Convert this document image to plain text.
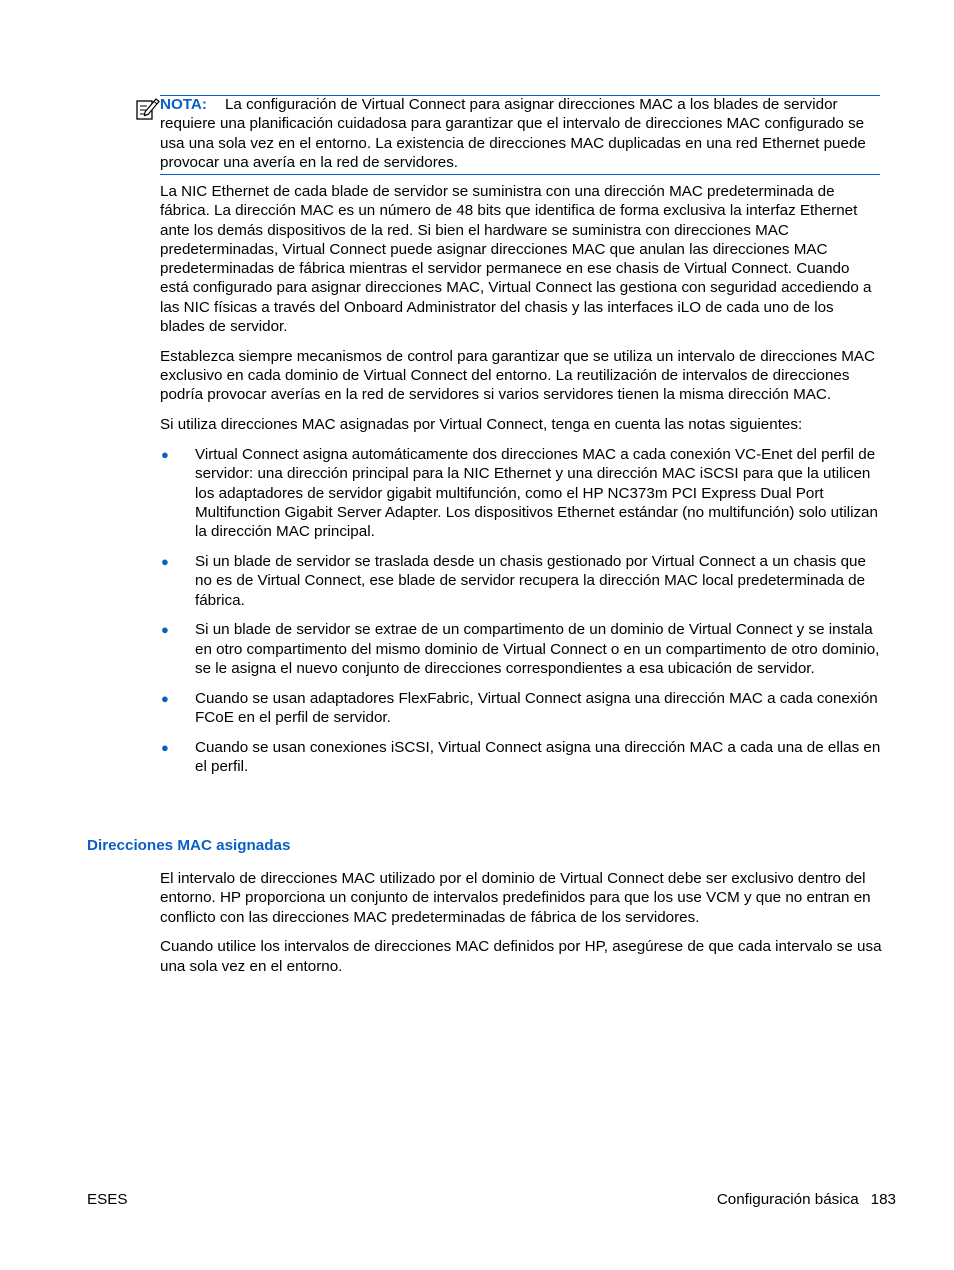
NOTA: La configuración de Virtual Connect para asignar direcciones MAC a los blades de servidor requiere una planificación cuidadosa para garantizar que el intervalo de direcciones MAC configurado se usa una sola vez en el entorno. La existencia de direcciones MAC duplicadas en una red Ethernet puede provocar una avería en la red de servidores.

La NIC Ethernet de cada blade de servidor se suministra con una dirección MAC predeterminada de fábrica. La dirección MAC es un número de 48 bits que identifica de forma exclusiva la interfaz Ethernet ante los demás dispositivos de la red. Si bien el hardware se suministra con direcciones MAC predeterminadas, Virtual Connect puede asignar direcciones MAC que anulan las direcciones MAC predeterminadas de fábrica mientras el servidor permanece en ese chasis de Virtual Connect. Cuando está configurado para asignar direcciones MAC, Virtual Connect las gestiona con seguridad accediendo a las NIC físicas a través del Onboard Administrator del chasis y las interfaces iLO de cada uno de los blades de servidor.

Establezca siempre mecanismos de control para garantizar que se utiliza un intervalo de direcciones MAC exclusivo en cada dominio de Virtual Connect del entorno. La reutilización de intervalos de direcciones podría provocar averías en la red de servidores si varios servidores tienen la misma dirección MAC.

Si utiliza direcciones MAC asignadas por Virtual Connect, tenga en cuenta las notas siguientes:

● Virtual Connect asigna automáticamente dos direcciones MAC a cada conexión VC-Enet del perfil de servidor: una dirección principal para la NIC Ethernet y una dirección MAC iSCSI para que la utilicen los adaptadores de servidor gigabit multifunción, como el HP NC373m PCI Express Dual Port Multifunction Gigabit Server Adapter. Los dispositivos Ethernet estándar (no multifunción) solo utilizan la dirección MAC principal.
● Si un blade de servidor se traslada desde un chasis gestionado por Virtual Connect a un chasis que no es de Virtual Connect, ese blade de servidor recupera la dirección MAC local predeterminada de fábrica.
● Si un blade de servidor se extrae de un compartimento de un dominio de Virtual Connect y se instala en otro compartimento del mismo dominio de Virtual Connect o en un compartimento de otro dominio, se le asigna el nuevo conjunto de direcciones correspondientes a esa ubicación de servidor.
● Cuando se usan adaptadores FlexFabric, Virtual Connect asigna una dirección MAC a cada conexión FCoE en el perfil de servidor.
● Cuando se usan conexiones iSCSI, Virtual Connect asigna una dirección MAC a cada una de ellas en el perfil.
Direcciones MAC asignadas

El intervalo de direcciones MAC utilizado por el dominio de Virtual Connect debe ser exclusivo dentro del entorno. HP proporciona un conjunto de intervalos predefinidos para que los use VCM y que no entran en conflicto con las direcciones MAC predeterminadas de fábrica de los servidores.

Cuando utilice los intervalos de direcciones MAC definidos por HP, asegúrese de que cada intervalo se usa una sola vez en el entorno.

ESES	Configuración básica 183
